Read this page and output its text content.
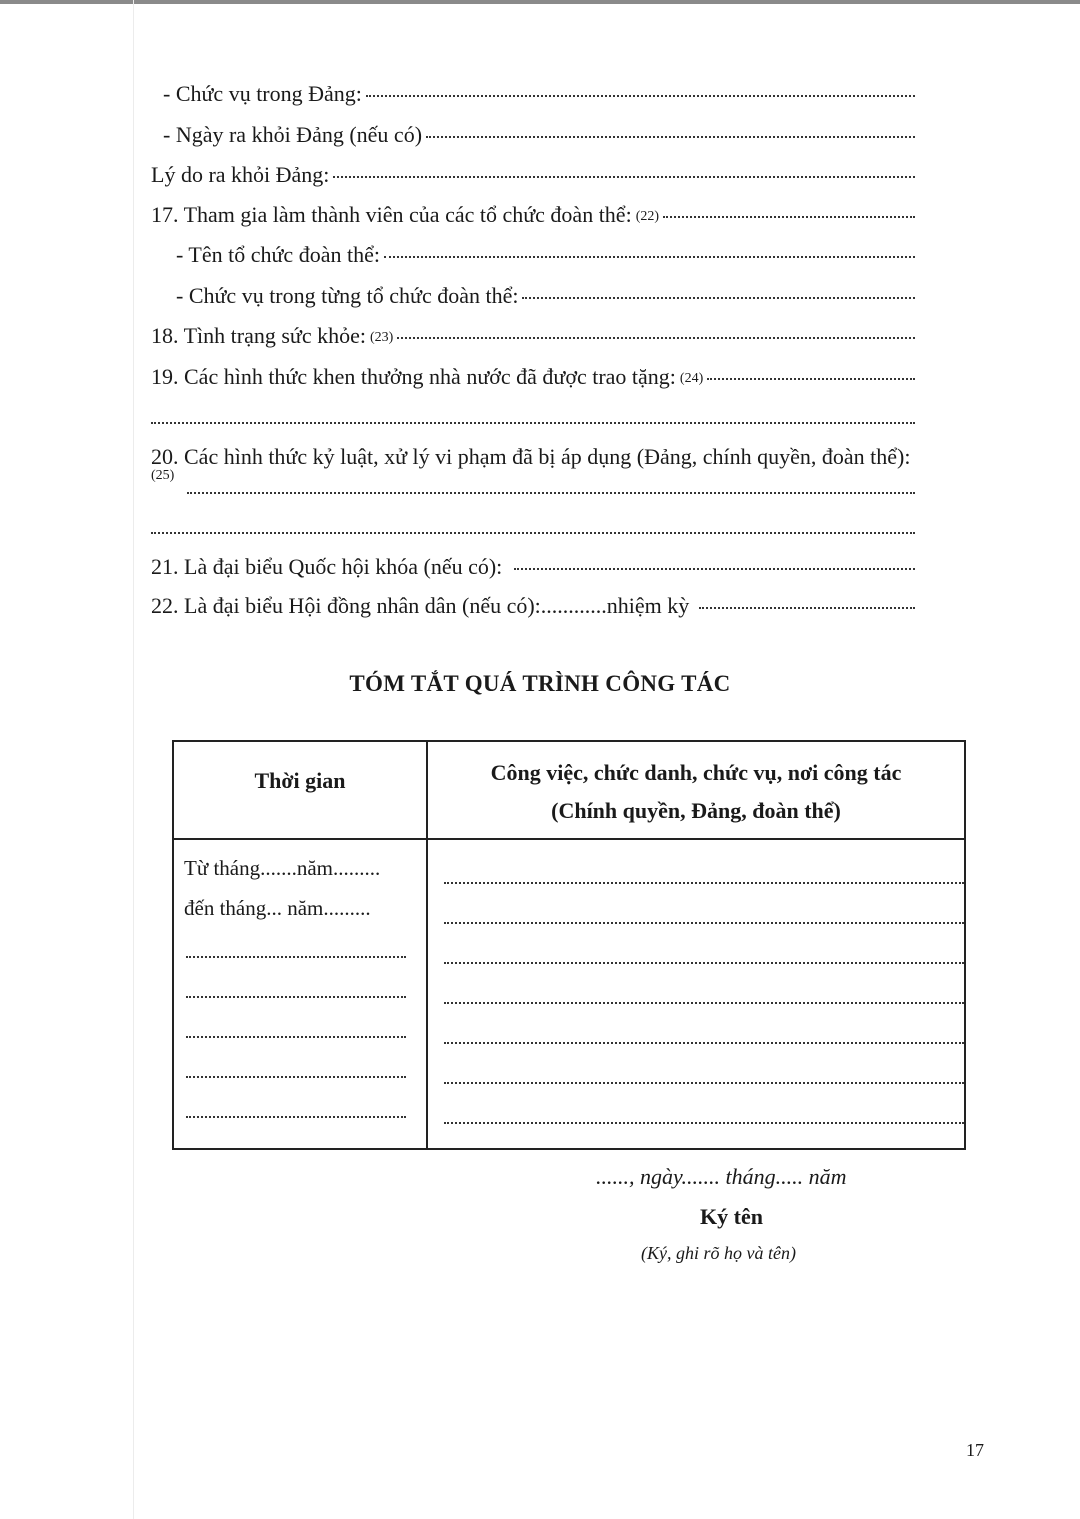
- Chức vụ trong Đảng:
- Ngày ra khỏi Đảng (nếu có)
Lý do ra khỏi Đảng:
17. Tham gia làm thành viên của các tổ chức đoàn thể: $^{(22)}$
- Tên tổ chức đoàn thể:
- Chức vụ trong từng tổ chức đoàn thể:
18. Tình trạng sức khỏe: $^{(23)}$
19. Các hình thức khen thưởng nhà nước đã được trao tặng: $^{(24)}$
20. Các hình thức kỷ luật, xử lý vi phạm đã bị áp dụng (Đảng, chính quyền, đoàn thể):
(25)
21. Là đại biểu Quốc hội khóa (nếu có):
22. Là đại biểu Hội đồng nhân dân (nếu có): ............ nhiệm kỳ
TÓM TẮT QUÁ TRÌNH CÔNG TÁC
Thời gian	Công việc, chức danh, chức vụ, nơi công tác
(Chính quyền, Đảng, đoàn thể)

Từ tháng.......năm.........
đến tháng... năm.........	

......, ngày....... tháng..... năm
Ký tên
(Ký, ghi rõ họ và tên)
17
